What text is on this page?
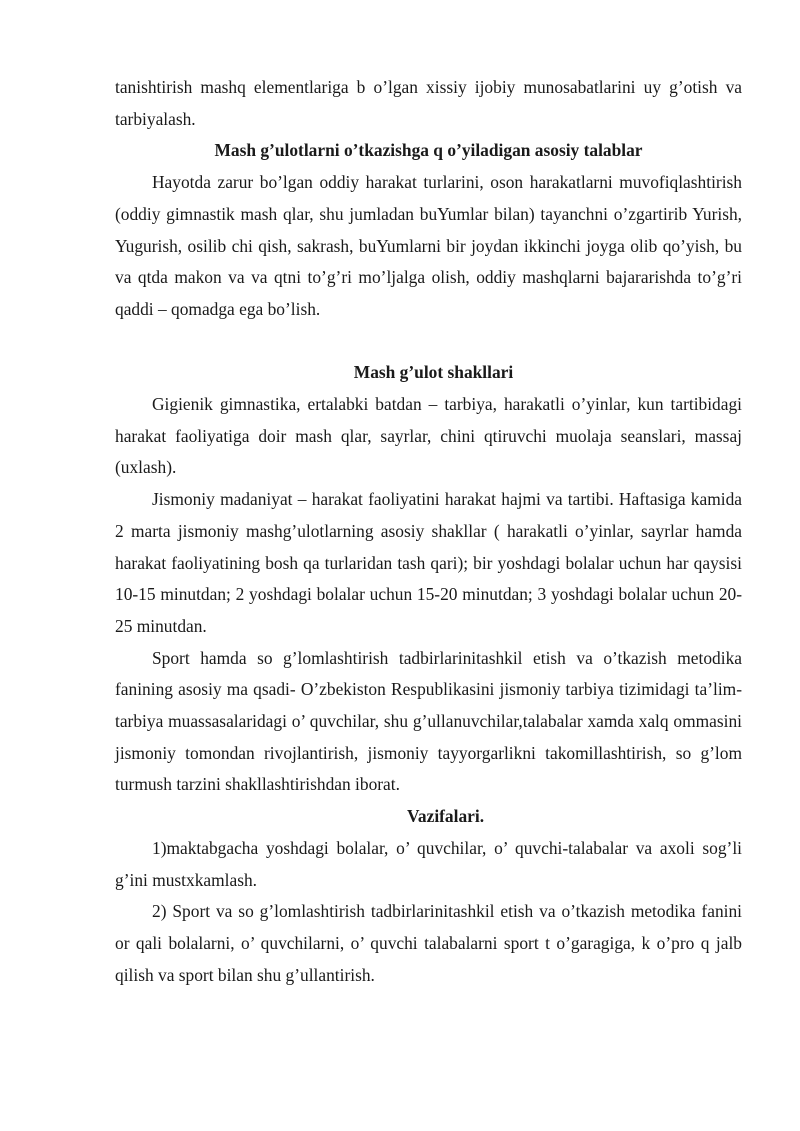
tanishtirish mashq elementlariga b o’lgan xissiy ijobiy munosabatlarini uy g’otish va tarbiyalash.

Mash g’ulotlarni o’tkazishga q o’yiladigan asosiy talablar

Hayotda zarur bo’lgan oddiy harakat turlarini, oson harakatlarni muvofiqlashtirish (oddiy gimnastik mash qlar, shu jumladan buYumlar bilan) tayanchni o’zgartirib Yurish, Yugurish, osilib chi qish, sakrash, buYumlarni bir joydan ikkinchi joyga olib qo’yish, bu va qtda makon va va qtni to’g’ri mo’ljalga olish, oddiy mashqlarni bajararishda to’g’ri qaddi – qomadga ega bo’lish.

Mash g’ulot shakllari

Gigienik gimnastika, ertalabki batdan – tarbiya, harakatli o’yinlar, kun tartibidagi harakat faoliyatiga doir mash qlar, sayrlar, chini qtiruvchi muolaja seanslari, massaj (uxlash).

Jismoniy madaniyat – harakat faoliyatini harakat hajmi va tartibi. Haftasiga kamida 2 marta jismoniy mashg’ulotlarning asosiy shakllar ( harakatli o’yinlar, sayrlar hamda harakat faoliyatining bosh qa turlaridan tash qari); bir yoshdagi bolalar uchun har qaysisi 10-15 minutdan; 2 yoshdagi bolalar uchun 15-20 minutdan; 3 yoshdagi bolalar uchun 20-25 minutdan.

Sport hamda so g’lomlashtirish tadbirlarinitashkil etish va o’tkazish metodika fanining asosiy ma qsadi- O’zbekiston Respublikasini jismoniy tarbiya tizimidagi ta’lim- tarbiya muassasalaridagi o’ quvchilar, shu g’ullanuvchilar,talabalar xamda xalq ommasini jismoniy tomondan rivojlantirish, jismoniy tayyorgarlikni takomillashtirish, so g’lom turmush tarzini shakllashtirishdan iborat.

Vazifalari.

1)maktabgacha yoshdagi bolalar, o’ quvchilar, o’ quvchi-talabalar va axoli sog’li g’ini mustxkamlash.

2) Sport va so g’lomlashtirish tadbirlarinitashkil etish va o’tkazish metodika fanini or qali bolalarni, o’ quvchilarni, o’ quvchi talabalarni sport t o’garagiga, k o’pro q jalb qilish va sport bilan shu g’ullantirish.
